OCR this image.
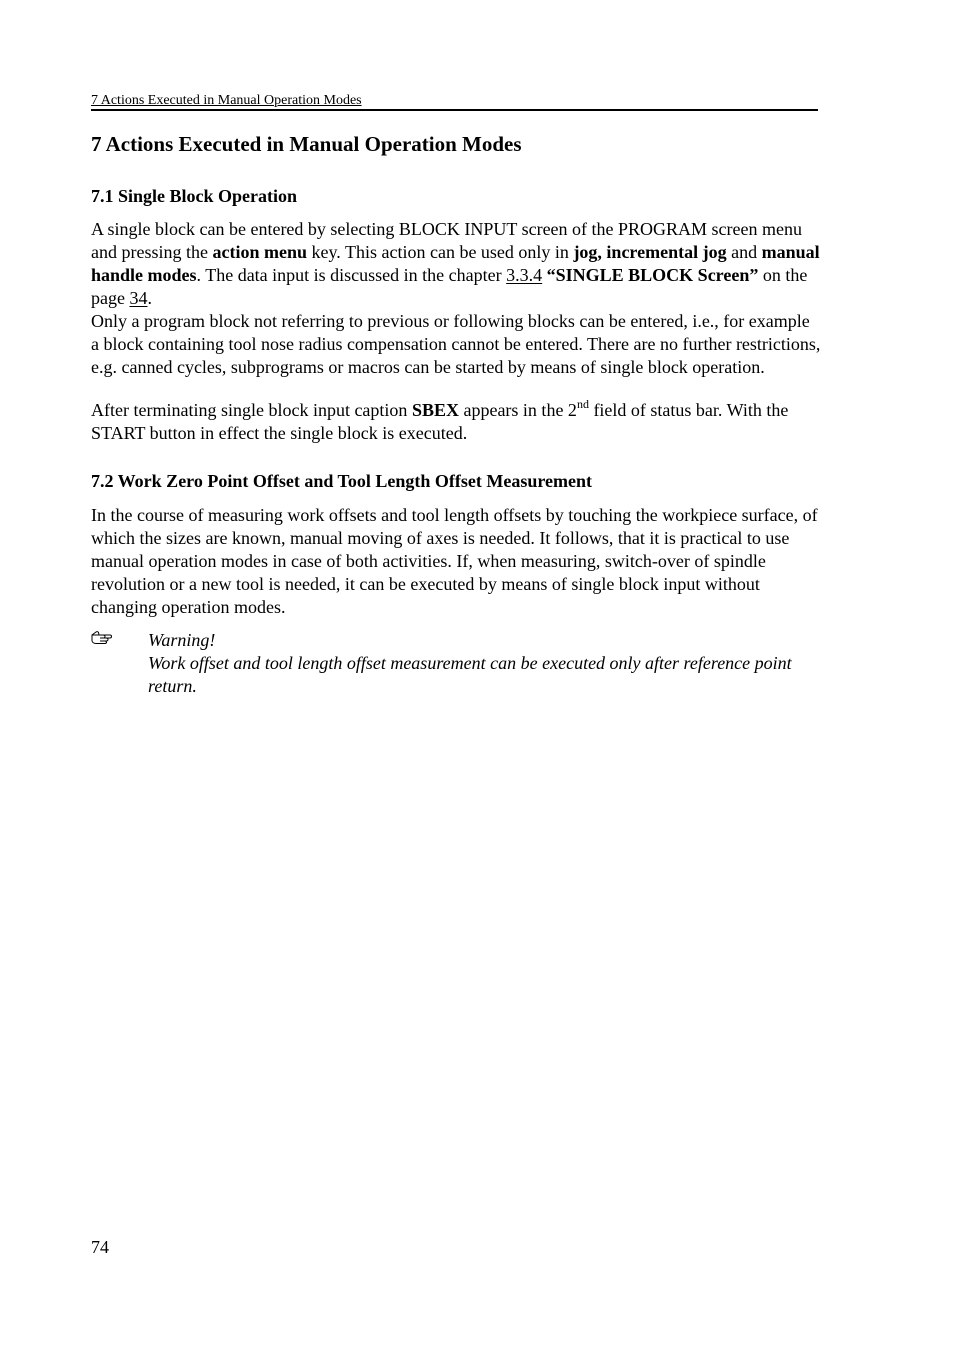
7 Actions Executed in Manual Operation Modes
7 Actions Executed in Manual Operation Modes
7.1 Single Block Operation

A single block can be entered by selecting BLOCK INPUT screen of the PROGRAM screen menu and pressing the action menu key. This action can be used only in jog, incremental jog and manual handle modes. The data input is discussed in the chapter 3.3.4 “SINGLE BLOCK Screen” on the page 34.

Only a program block not referring to previous or following blocks can be entered, i.e., for example a block containing tool nose radius compensation cannot be entered. There are no further restrictions, e.g. canned cycles, subprograms or macros can be started by means of single block operation.

After terminating single block input caption SBEX appears in the 2nd field of status bar. With the START button in effect the single block is executed.

7.2 Work Zero Point Offset and Tool Length Offset Measurement

In the course of measuring work offsets and tool length offsets by touching the workpiece surface, of which the sizes are known, manual moving of axes is needed. It follows, that it is practical to use manual operation modes in case of both activities. If, when measuring, switch-over of spindle revolution or a new tool is needed, it can be executed by means of single block input without changing operation modes.

Warning!
Work offset and tool length offset measurement can be executed only after reference point return.
74
